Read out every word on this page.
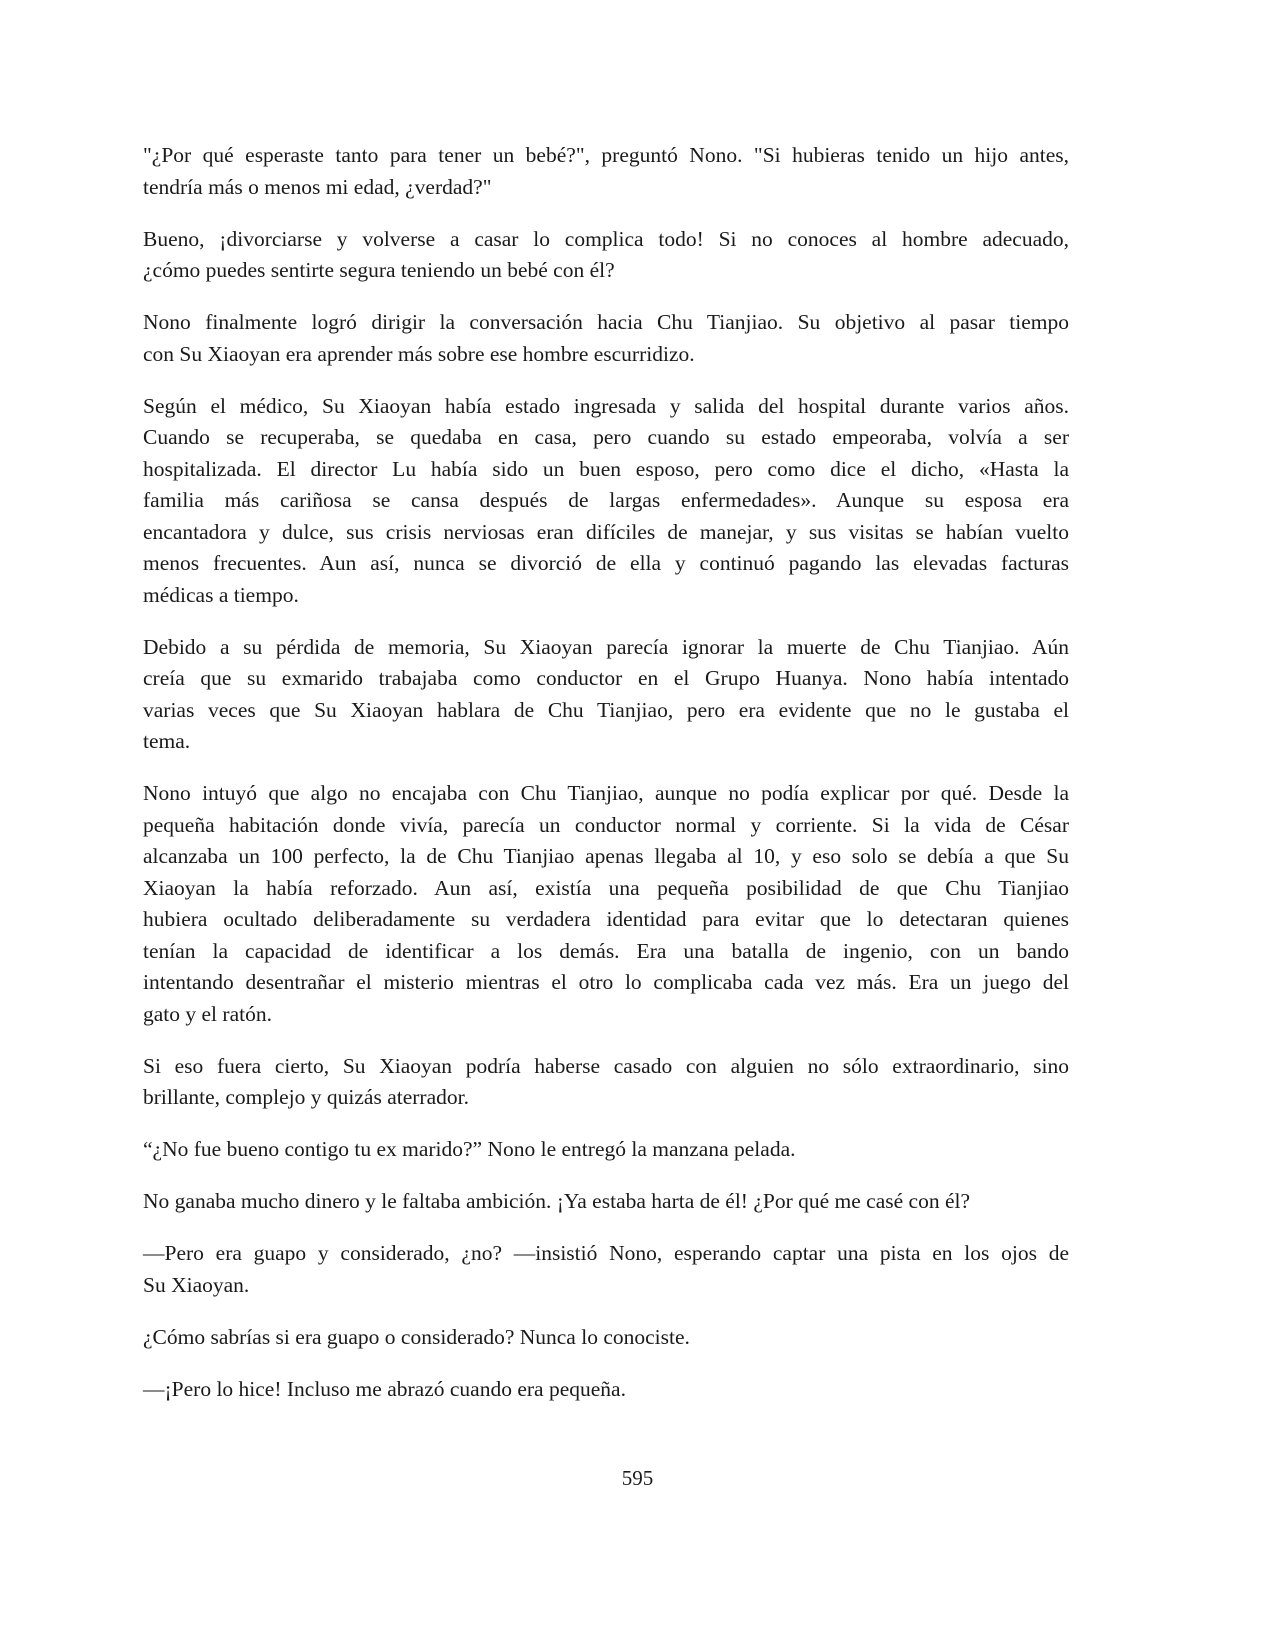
"¿Por qué esperaste tanto para tener un bebé?", preguntó Nono. "Si hubieras tenido un hijo antes,
tendría más o menos mi edad, ¿verdad?"
Bueno, ¡divorciarse y volverse a casar lo complica todo! Si no conoces al hombre adecuado,
¿cómo puedes sentirte segura teniendo un bebé con él?
Nono finalmente logró dirigir la conversación hacia Chu Tianjiao. Su objetivo al pasar tiempo
con Su Xiaoyan era aprender más sobre ese hombre escurridizo.
Según el médico, Su Xiaoyan había estado ingresada y salida del hospital durante varios años.
Cuando se recuperaba, se quedaba en casa, pero cuando su estado empeoraba, volvía a ser
hospitalizada. El director Lu había sido un buen esposo, pero como dice el dicho, «Hasta la
familia más cariñosa se cansa después de largas enfermedades». Aunque su esposa era
encantadora y dulce, sus crisis nerviosas eran difíciles de manejar, y sus visitas se habían vuelto
menos frecuentes. Aun así, nunca se divorció de ella y continuó pagando las elevadas facturas
médicas a tiempo.
Debido a su pérdida de memoria, Su Xiaoyan parecía ignorar la muerte de Chu Tianjiao. Aún
creía que su exmarido trabajaba como conductor en el Grupo Huanya. Nono había intentado
varias veces que Su Xiaoyan hablara de Chu Tianjiao, pero era evidente que no le gustaba el
tema.
Nono intuyó que algo no encajaba con Chu Tianjiao, aunque no podía explicar por qué. Desde la
pequeña habitación donde vivía, parecía un conductor normal y corriente. Si la vida de César
alcanzaba un 100 perfecto, la de Chu Tianjiao apenas llegaba al 10, y eso solo se debía a que Su
Xiaoyan la había reforzado. Aun así, existía una pequeña posibilidad de que Chu Tianjiao
hubiera ocultado deliberadamente su verdadera identidad para evitar que lo detectaran quienes
tenían la capacidad de identificar a los demás. Era una batalla de ingenio, con un bando
intentando desentrañar el misterio mientras el otro lo complicaba cada vez más. Era un juego del
gato y el ratón.
Si eso fuera cierto, Su Xiaoyan podría haberse casado con alguien no sólo extraordinario, sino
brillante, complejo y quizás aterrador.
“¿No fue bueno contigo tu ex marido?” Nono le entregó la manzana pelada.
No ganaba mucho dinero y le faltaba ambición. ¡Ya estaba harta de él! ¿Por qué me casé con él?
—Pero era guapo y considerado, ¿no? —insistió Nono, esperando captar una pista en los ojos de
Su Xiaoyan.
¿Cómo sabrías si era guapo o considerado? Nunca lo conociste.
—¡Pero lo hice! Incluso me abrazó cuando era pequeña.
595
